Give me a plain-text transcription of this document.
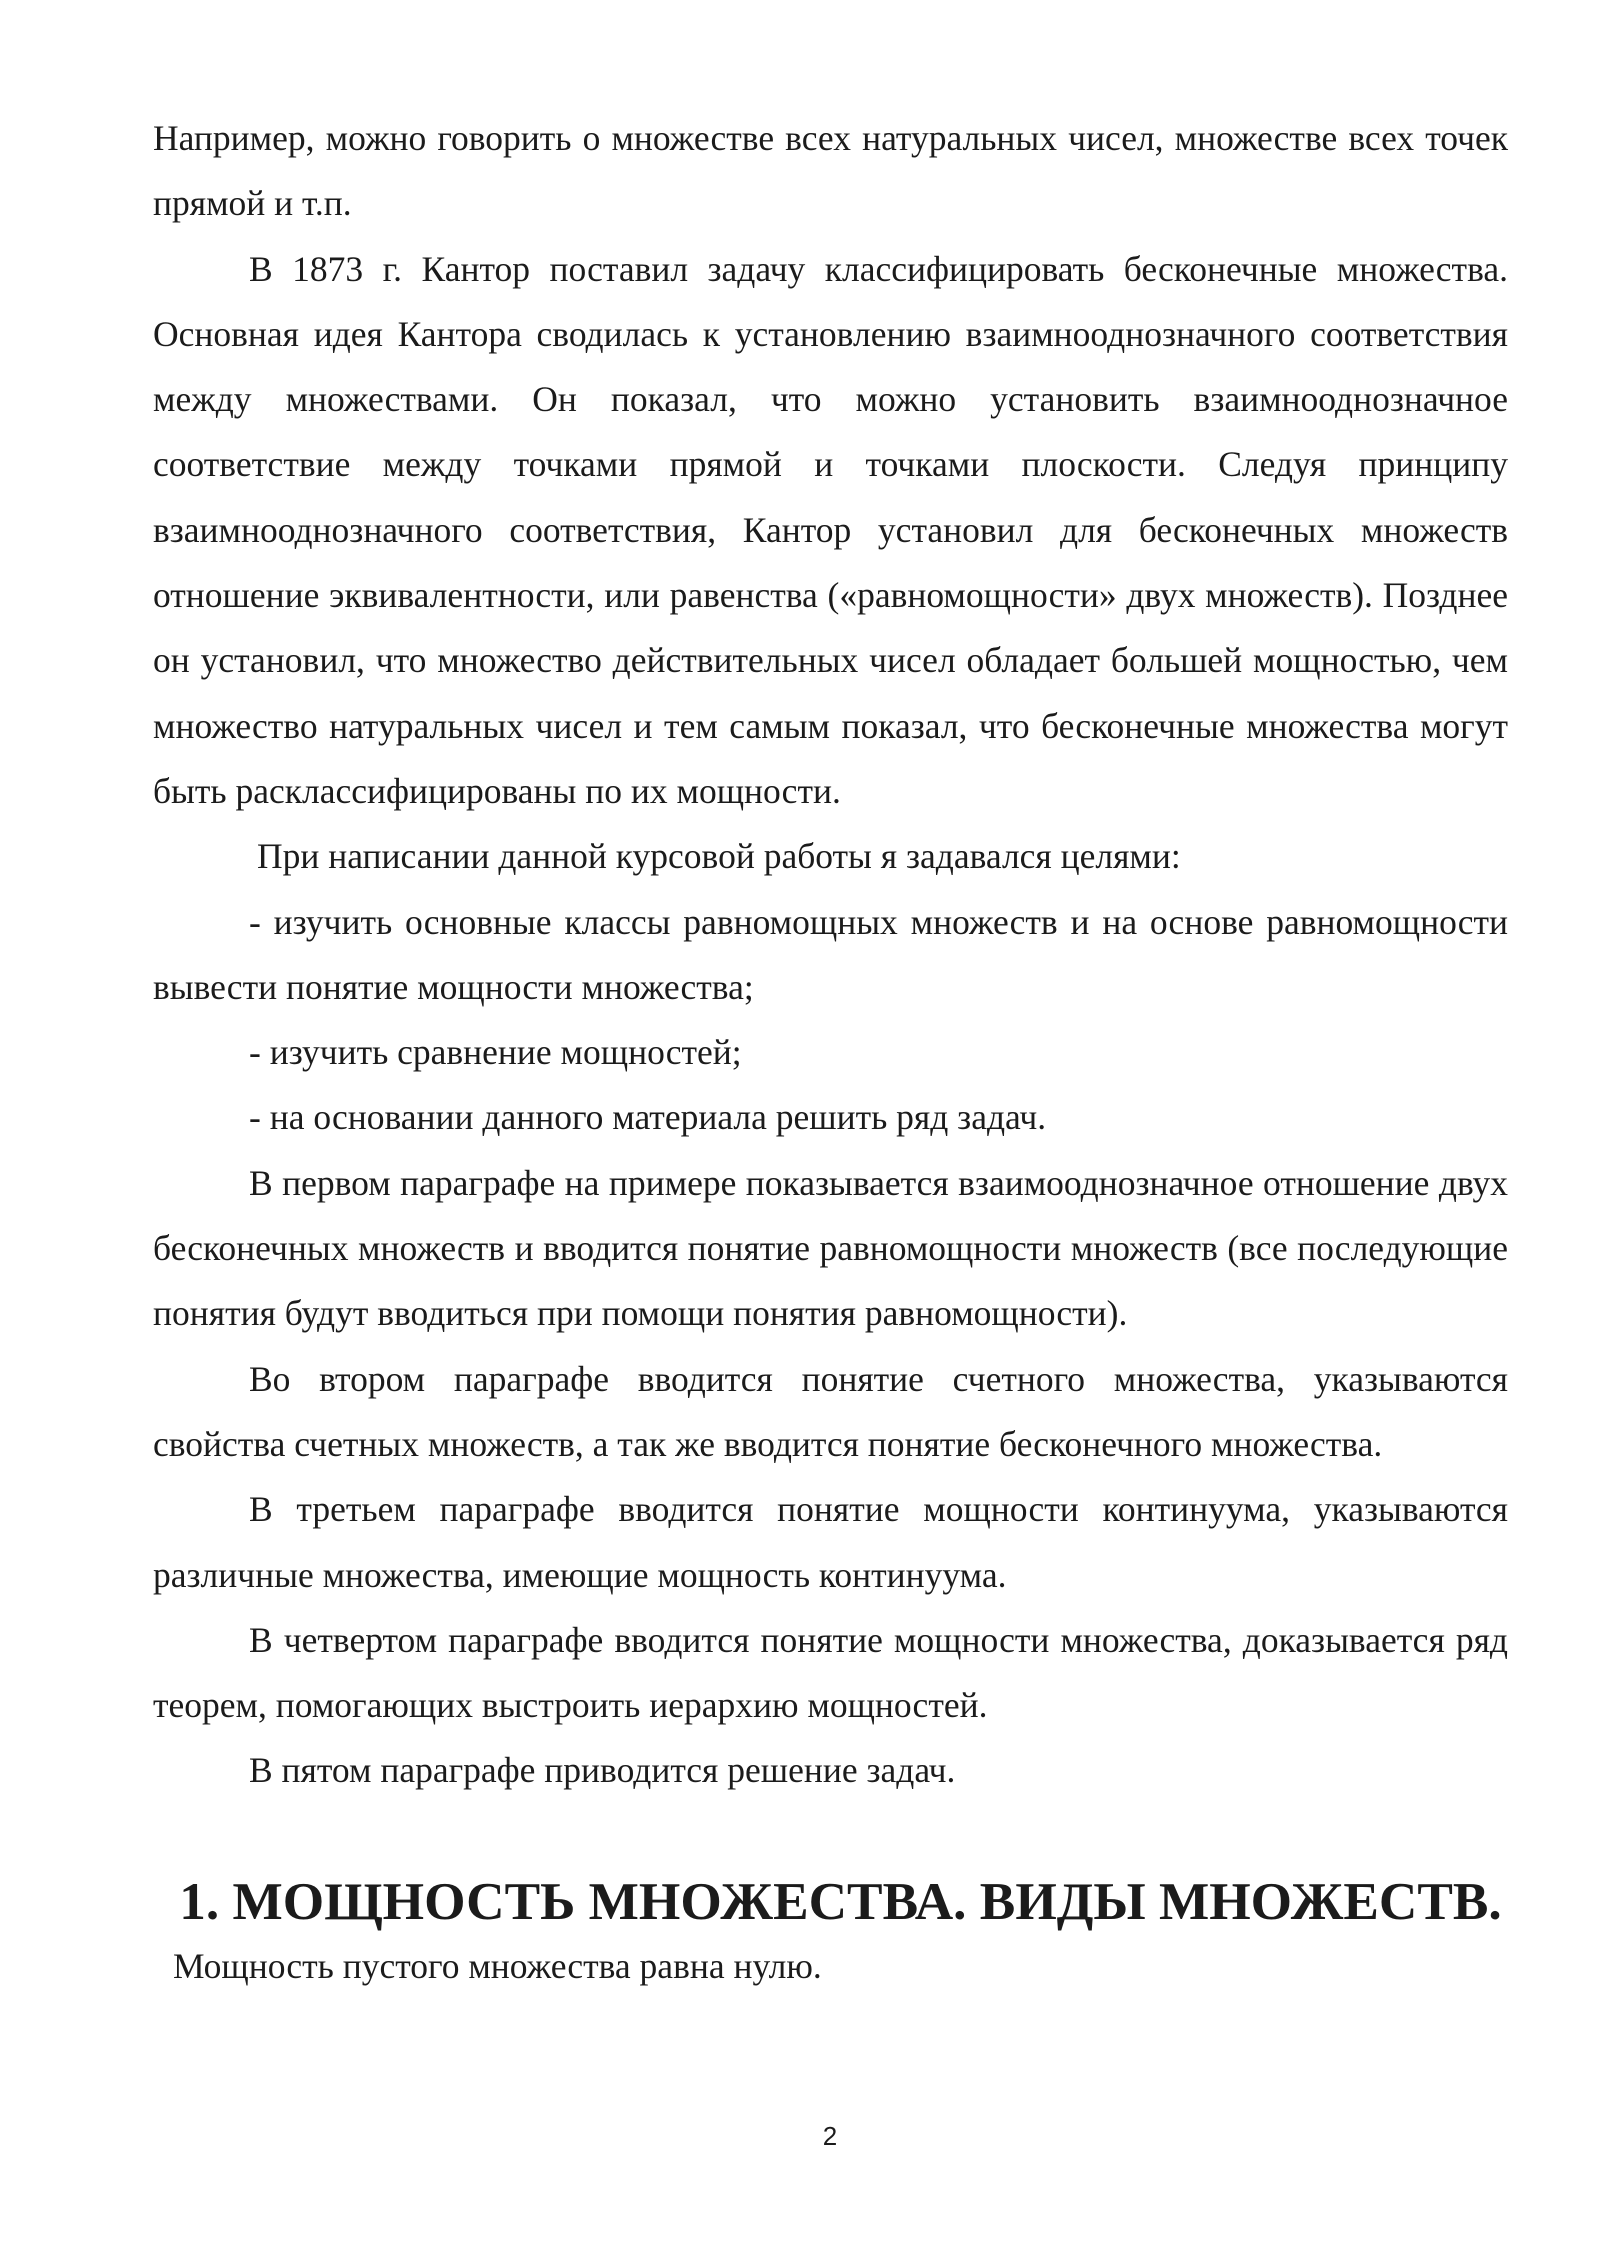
Например, можно говорить о множестве всех натуральных чисел, множестве всех точек прямой и т.п.

В 1873 г. Кантор поставил задачу классифицировать бесконечные множества. Основная идея Кантора сводилась к установлению взаимнооднозначного соответствия между множествами. Он показал, что можно установить взаимнооднозначное соответствие между точками прямой и точками плоскости. Следуя принципу взаимнооднозначного соответствия, Кантор установил для бесконечных множеств отношение эквивалентности, или равенства («равномощности» двух множеств). Позднее он установил, что множество действительных чисел обладает большей мощностью, чем множество натуральных чисел и тем самым показал, что бесконечные множества могут быть расклассифицированы по их мощности.

При написании данной курсовой работы я задавался целями:

- изучить основные классы равномощных множеств и на основе равномощности вывести понятие мощности множества;

- изучить сравнение мощностей;

- на основании данного материала решить ряд задач.

В первом параграфе на примере показывается взаимооднозначное отношение двух бесконечных множеств и вводится понятие равномощности множеств (все последующие понятия будут вводиться при помощи понятия равномощности).

Во втором параграфе вводится понятие счетного множества, указываются свойства счетных множеств, а так же вводится понятие бесконечного множества.

В третьем параграфе вводится понятие мощности континуума, указываются различные множества, имеющие мощность континуума.

В четвертом параграфе вводится понятие мощности множества, доказывается ряд теорем, помогающих выстроить иерархию мощностей.

В пятом параграфе приводится решение задач.

1. МОЩНОСТЬ МНОЖЕСТВА. ВИДЫ МНОЖЕСТВ.

Мощность пустого множества равна нулю.

2
